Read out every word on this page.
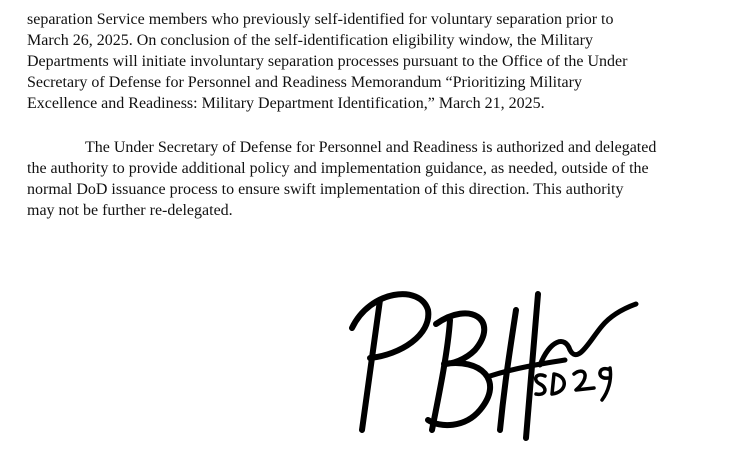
separation Service members who previously self-identified for voluntary separation prior to
March 26, 2025. On conclusion of the self-identification eligibility window, the Military
Departments will initiate involuntary separation processes pursuant to the Office of the Under
Secretary of Defense for Personnel and Readiness Memorandum “Prioritizing Military
Excellence and Readiness: Military Department Identification,” March 21, 2025.
The Under Secretary of Defense for Personnel and Readiness is authorized and delegated
the authority to provide additional policy and implementation guidance, as needed, outside of the
normal DoD issuance process to ensure swift implementation of this direction. This authority
may not be further re-delegated.
